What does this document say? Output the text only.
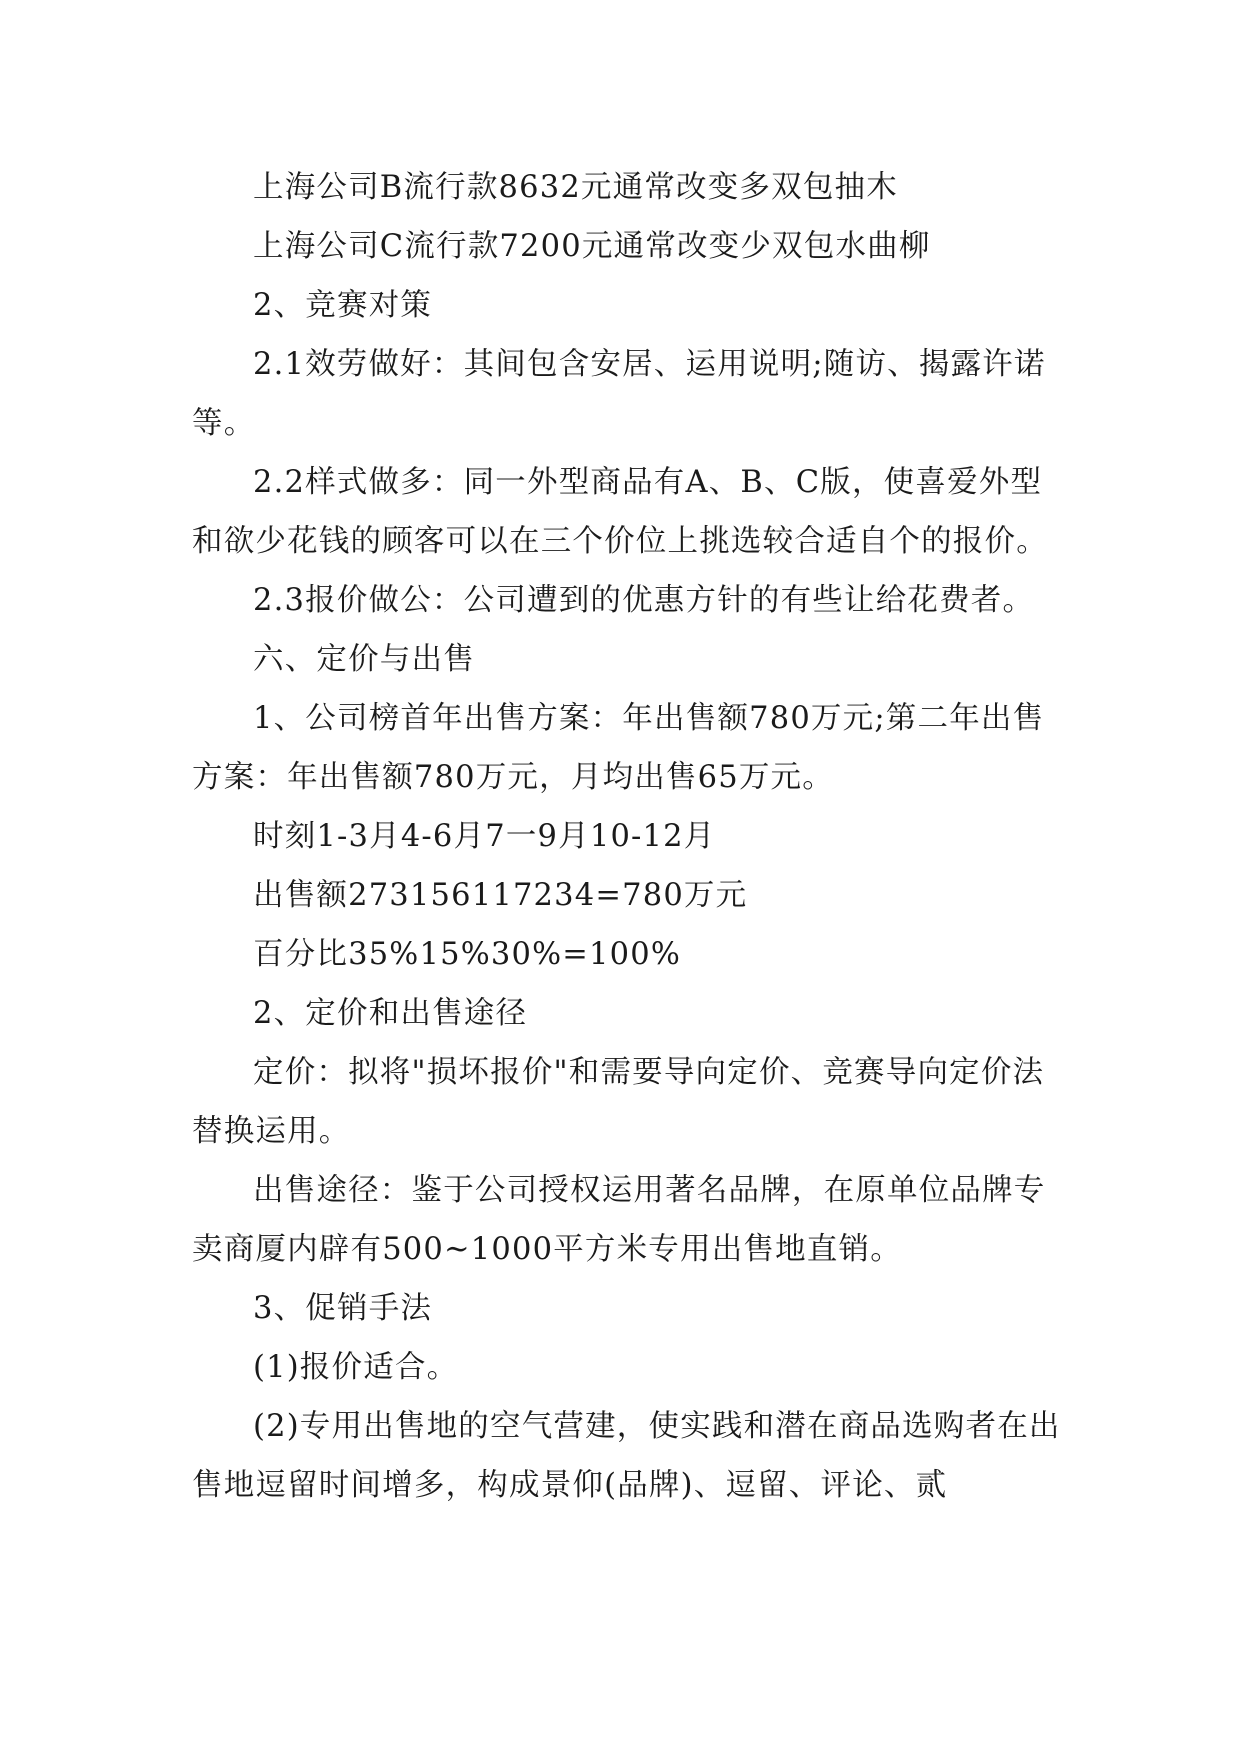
上海公司B流行款8632元通常改变多双包抽木

上海公司C流行款7200元通常改变少双包水曲柳

2、竞赛对策

2.1效劳做好：其间包含安居、运用说明;随访、揭露许诺等。

2.2样式做多：同一外型商品有A、B、C版，使喜爱外型和欲少花钱的顾客可以在三个价位上挑选较合适自个的报价。

2.3报价做公：公司遭到的优惠方针的有些让给花费者。

六、定价与出售

1、公司榜首年出售方案：年出售额780万元;第二年出售方案：年出售额780万元，月均出售65万元。

时刻1-3月4-6月7一9月10-12月

出售额273156117234=780万元

百分比35%15%30%=100%

2、定价和出售途径

定价：拟将"损坏报价"和需要导向定价、竞赛导向定价法替换运用。

出售途径：鉴于公司授权运用著名品牌，在原单位品牌专卖商厦内辟有500~1000平方米专用出售地直销。

3、促销手法

(1)报价适合。

(2)专用出售地的空气营建，使实践和潜在商品选购者在出售地逗留时间增多，构成景仰(品牌)、逗留、评论、贰
